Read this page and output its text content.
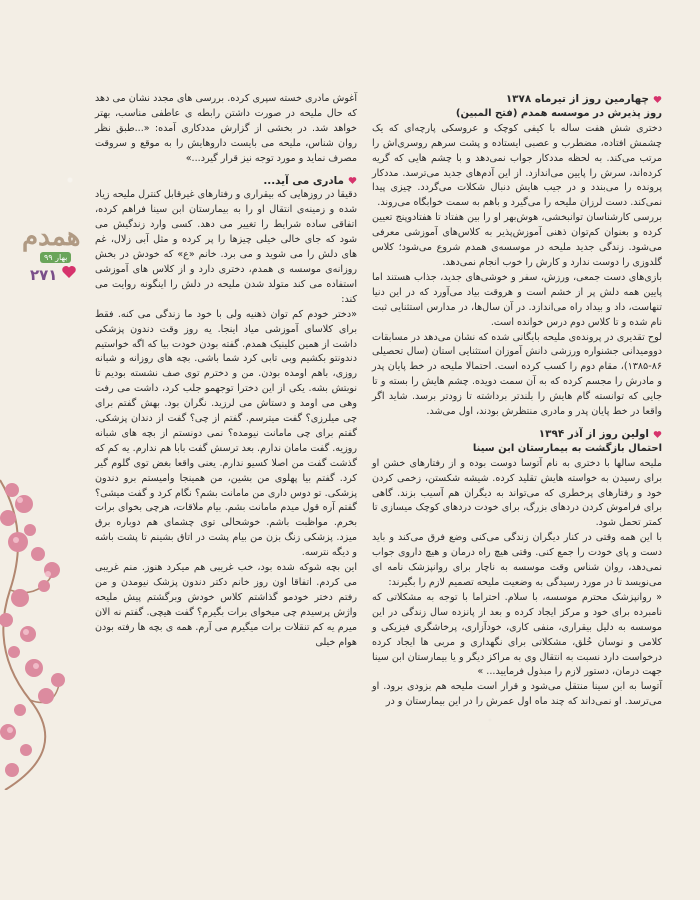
همدم
بهار ۹۹
۲۷۱
چهارمین روز از تیرماه ۱۳۷۸

روز پذیرش در موسسه همدم (فتح المبین)

دختری شش هفت ساله با کیفی کوچک و عروسکی پارچه‌ای که یک چشمش افتاده، مضطرب و عصبی ایستاده و پشت سرهم روسری‌اش را مرتب می‌کند. به لحظه مددکار جواب نمی‌دهد و با چشم هایی که گریه کرده‌اند، سرش را پایین می‌اندازد. از این آدم‌های جدید می‌ترسد. مددکار پرونده را می‌بندد و در جیب هایش دنبال شکلات می‌گردد. چیزی پیدا نمی‌کند. دست لرزان ملیحه را می‌گیرد و باهم به سمت خوابگاه می‌روند.

بررسی کارشناسان توانبخشی، هوش‌بهر او را بین هفتاد تا هفتادوپنج تعیین کرده و بعنوان کم‌توان ذهنی آموزش‌پذیر به کلاس‌های آموزشی معرفی می‌شود. زندگی جدید ملیحه در موسسه‌ی همدم شروع می‌شود؛ کلاس گلدوزی را دوست ندارد و کارش را خوب انجام نمی‌دهد.

بازی‌های دست جمعی، ورزش، سفر و خوشی‌های جدید، جذاب هستند اما پایین همه دلش پر از خشم است و هروقت بیاد می‌آورد که در این دنیا تنهاست، داد و بیداد راه می‌اندازد. در آن سال‌ها، در مدارس استثنایی ثبت نام شده و تا کلاس دوم درس خوانده است.

لوح تقدیری در پرونده‌ی ملیحه بایگانی شده که نشان می‌دهد در مسابقات دوومیدانی جشنواره ورزشی دانش آموزان استثنایی استان (سال تحصیلی ۸۶-۱۳۸۵)، مقام دوم را کسب کرده است. احتمالا ملیحه در خط پایان پدر و مادرش را مجسم کرده که به آن سمت دویده. چشم هایش را بسته و تا جایی که توانسته گام هایش را بلندتر برداشته تا زودتر برسد. شاید اگر واقعا در خط پایان پدر و مادری منتظرش بودند، اول می‌شد.

اولین روز از آذر ۱۳۹۴

احتمال بازگشت به بیمارستان ابن سینا

ملیحه سالها با دختری به نام آتوسا دوست بوده و از رفتارهای خشن او برای رسیدن به خواسته هایش تقلید کرده. شیشه شکستن، زخمی کردن خود و رفتارهای پرخطری که می‌تواند به دیگران هم آسیب بزند. گاهی برای فراموش کردن دردهای بزرگ، برای خودت دردهای کوچک میسازی تا کمتر تحمل شود.

با این همه وقتی در کنار دیگران زندگی می‌کنی وضع فرق می‌کند و باید دست و پای خودت را جمع کنی. وقتی هیچ راه درمان و هیچ داروی جواب نمی‌دهد، روان شناس وقت موسسه به ناچار برای روانپزشک نامه ای می‌نویسد تا در مورد رسیدگی به وضعیت ملیحه تصمیم لازم را بگیرند:

« روانپزشک محترم موسسه، با سلام. احتراما با توجه به مشکلاتی که نامبرده برای خود و مرکز ایجاد کرده و بعد از پانزده سال زندگی در این موسسه به دلیل بیقراری، منفی کاری، خودآزاری، پرخاشگری فیزیکی و کلامی و نوسان خُلق، مشکلاتی برای نگهداری و مربی ها ایجاد کرده درخواست دارد نسبت به انتقال وی به مراکز دیگر و یا بیمارستان ابن سینا جهت درمان، دستور لازم را مبذول فرمایید... »

آتوسا به ابن سینا منتقل می‌شود و قرار است ملیحه هم بزودی برود. او می‌ترسد. او نمی‌داند که چند ماه اول عمرش را در این بیمارستان و در

آغوش مادری خسته سپری کرده. بررسی های مجدد نشان می دهد که حال ملیحه در صورت داشتن رابطه ی عاطفی مناسب، بهتر خواهد شد. در بخشی از گزارش مددکاری آمده: «...طبق نظر روان شناس، ملیحه می بایست داروهایش را به موقع و سروقت مصرف نماید و مورد توجه نیز قرار گیرد...»

مادری می آید...

دقیقا در روزهایی که بیقراری و رفتارهای غیرقابل کنترل ملیحه زیاد شده و زمینه‌ی انتقال او را به بیمارستان ابن سینا فراهم کرده، اتفاقی ساده شرایط را تغییر می دهد. کسی وارد زندگیش می شود که جای خالی خیلی چیزها را پر کرده و مثل آبی زلال، غم های دلش را می شوید و می برد. خانم «ع» که خودش در بخش روزانه‌ی موسسه ی همدم، دختری دارد و از کلاس های آموزشی استفاده می کند متولد شدن ملیحه در دلش را اینگونه روایت می کند:

«دختر خودم کم توان ذهنیه ولی با خود ما زندگی می کنه. فقط برای کلاسای آموزشی میاد اینجا. یه روز وقت دندون پزشکی داشت از همین کلینیک همدم. گفته بودن خودت بیا که اگه خواستیم دندونتو بکشیم وبی تابی کرد شما باشی. بچه های روزانه و شبانه روزی، باهم اومده بودن. من و دخترم توی صف نشسته بودیم تا نوبتش بشه. یکی از این دخترا توجهمو جلب کرد، داشت می رفت وهی می اومد و دستاش می لرزید. نگران بود. بهش گفتم برای چی میلرزی؟ گفت میترسم. گفتم از چی؟ گفت از دندان پزشکی. گفتم برای چی مامانت نیومده؟ نمی دونستم از بچه های شبانه روزیه. گفت مامان ندارم. بعد ترسش گفت بابا هم ندارم. یه کم که گذشت گفت من اصلا کسیو ندارم. یعنی واقعا بغض توی گلوم گیر کرد. گفتم بیا پهلوی من بشین، من همینجا وامیستم برو دندون پزشکی. تو دوس داری من مامانت بشم؟ نگام کرد و گفت میشی؟ گفتم آره قول میدم مامانت بشم. بیام ملاقات، هرچی بخوای برات بخرم. مواظبت باشم. خوشحالی توی چشمای هم دوباره برق میزد. پزشکی زنگ بزن من بیام پشت در اتاق بشینم تا پشت باشه و دیگه نترسه.

این بچه شوکه شده بود، خب غریبی هم میکرد هنوز. منم غریبی می کردم. اتفاقا اون روز خانم دکتر دندون پزشک نیومدن و من رفتم دختر خودمو گذاشتم کلاس خودش وبرگشتم پیش ملیحه واژش پرسیدم چی میخوای برات بگیرم؟ گفت هیچی. گفتم نه الان میرم یه کم تنقلات برات میگیرم می آرم. همه ی بچه ها رفته بودن هوام خیلی
